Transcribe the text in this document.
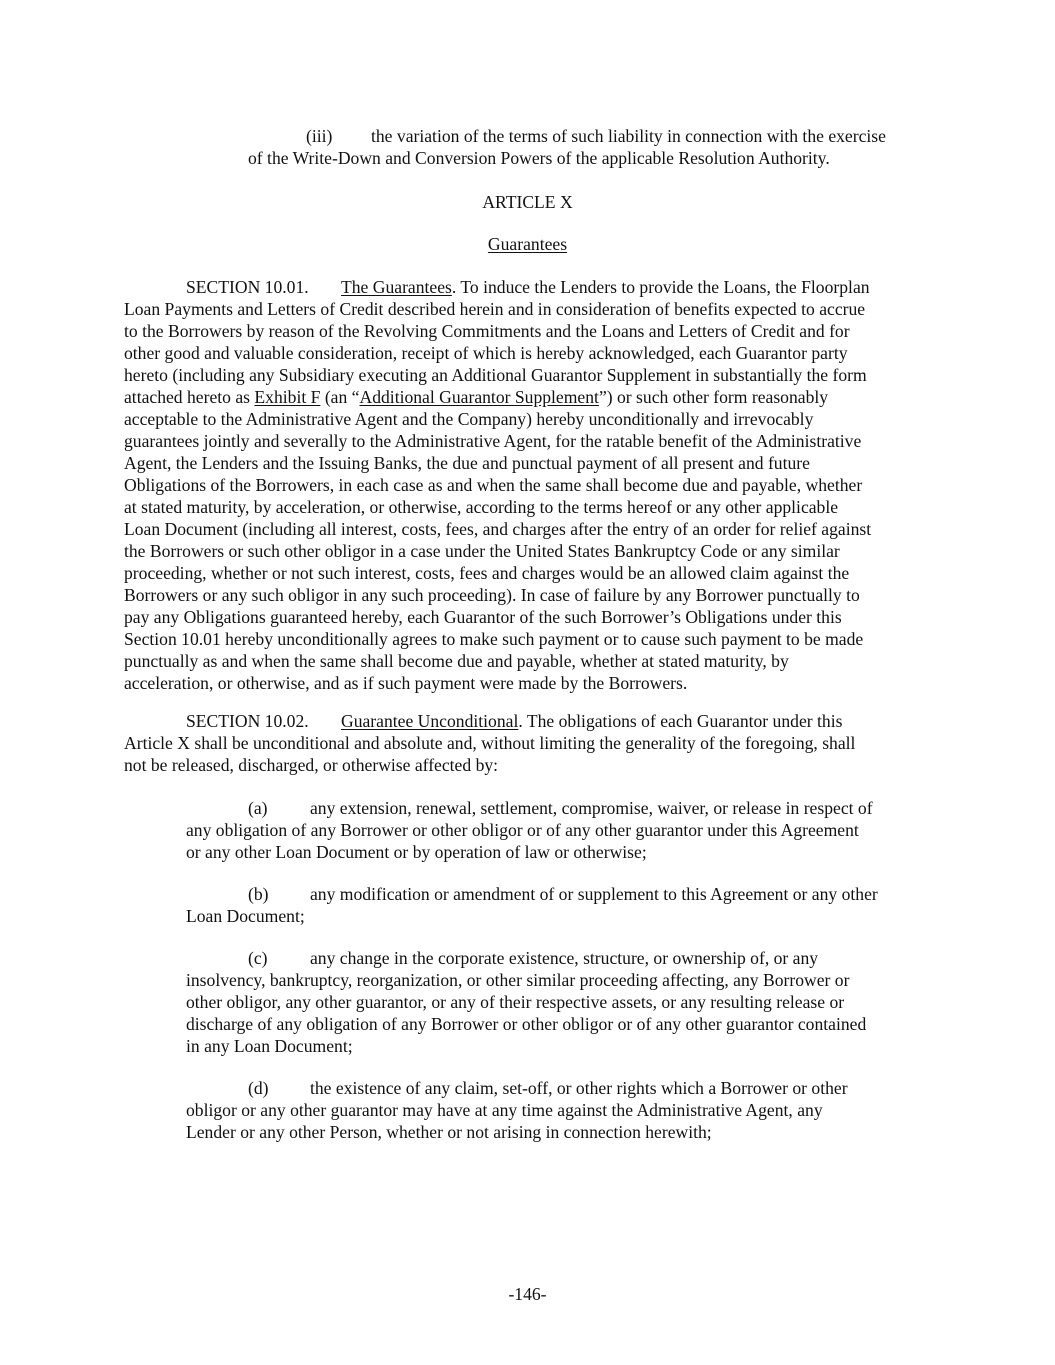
(iii) the variation of the terms of such liability in connection with the exercise
of the Write-Down and Conversion Powers of the applicable Resolution Authority.
ARTICLE X
Guarantees
SECTION 10.01. The Guarantees. To induce the Lenders to provide the Loans, the Floorplan
Loan Payments and Letters of Credit described herein and in consideration of benefits expected to accrue
to the Borrowers by reason of the Revolving Commitments and the Loans and Letters of Credit and for
other good and valuable consideration, receipt of which is hereby acknowledged, each Guarantor party
hereto (including any Subsidiary executing an Additional Guarantor Supplement in substantially the form
attached hereto as Exhibit F (an “Additional Guarantor Supplement”) or such other form reasonably
acceptable to the Administrative Agent and the Company) hereby unconditionally and irrevocably
guarantees jointly and severally to the Administrative Agent, for the ratable benefit of the Administrative
Agent, the Lenders and the Issuing Banks, the due and punctual payment of all present and future
Obligations of the Borrowers, in each case as and when the same shall become due and payable, whether
at stated maturity, by acceleration, or otherwise, according to the terms hereof or any other applicable
Loan Document (including all interest, costs, fees, and charges after the entry of an order for relief against
the Borrowers or such other obligor in a case under the United States Bankruptcy Code or any similar
proceeding, whether or not such interest, costs, fees and charges would be an allowed claim against the
Borrowers or any such obligor in any such proceeding). In case of failure by any Borrower punctually to
pay any Obligations guaranteed hereby, each Guarantor of the such Borrower’s Obligations under this
Section 10.01 hereby unconditionally agrees to make such payment or to cause such payment to be made
punctually as and when the same shall become due and payable, whether at stated maturity, by
acceleration, or otherwise, and as if such payment were made by the Borrowers.
SECTION 10.02. Guarantee Unconditional. The obligations of each Guarantor under this
Article X shall be unconditional and absolute and, without limiting the generality of the foregoing, shall
not be released, discharged, or otherwise affected by:
(a) any extension, renewal, settlement, compromise, waiver, or release in respect of
any obligation of any Borrower or other obligor or of any other guarantor under this Agreement
or any other Loan Document or by operation of law or otherwise;
(b) any modification or amendment of or supplement to this Agreement or any other
Loan Document;
(c) any change in the corporate existence, structure, or ownership of, or any
insolvency, bankruptcy, reorganization, or other similar proceeding affecting, any Borrower or
other obligor, any other guarantor, or any of their respective assets, or any resulting release or
discharge of any obligation of any Borrower or other obligor or of any other guarantor contained
in any Loan Document;
(d) the existence of any claim, set-off, or other rights which a Borrower or other
obligor or any other guarantor may have at any time against the Administrative Agent, any
Lender or any other Person, whether or not arising in connection herewith;
-146-
